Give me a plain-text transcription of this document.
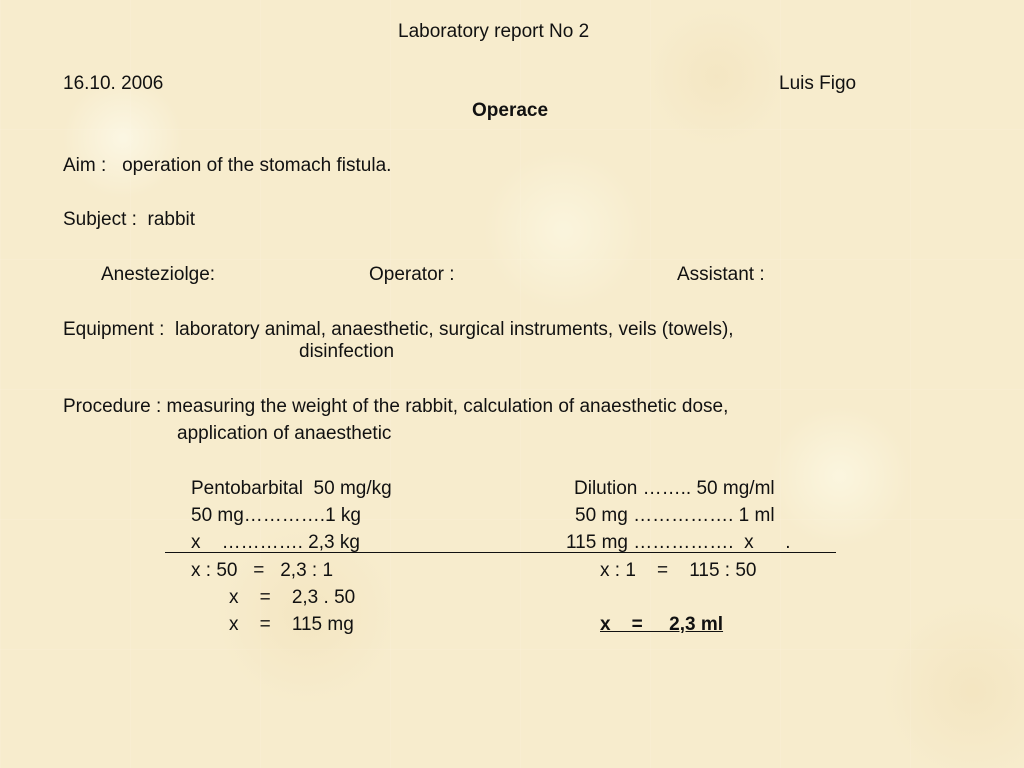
Laboratory report No 2
16.10. 2006	Luis Figo
Operace
Aim :   operation of the stomach fistula.
Subject :  rabbit
Anesteziolge:	Operator :	Assistant :
Equipment :  laboratory animal, anaesthetic, surgical instruments, veils (towels),
disinfection
Procedure : measuring the weight of the rabbit, calculation of anaesthetic dose,
application of anaesthetic
Pentobarbital  50 mg/kg
50 mg………….1 kg
x    …………. 2,3 kg
x : 50   =   2,3 : 1
x    =    2,3 . 50
x    =    115 mg
Dilution …….. 50 mg/ml
50 mg ……………. 1 ml
115 mg …………….  x      .
x : 1    =    115 : 50
x    =     2,3 ml
